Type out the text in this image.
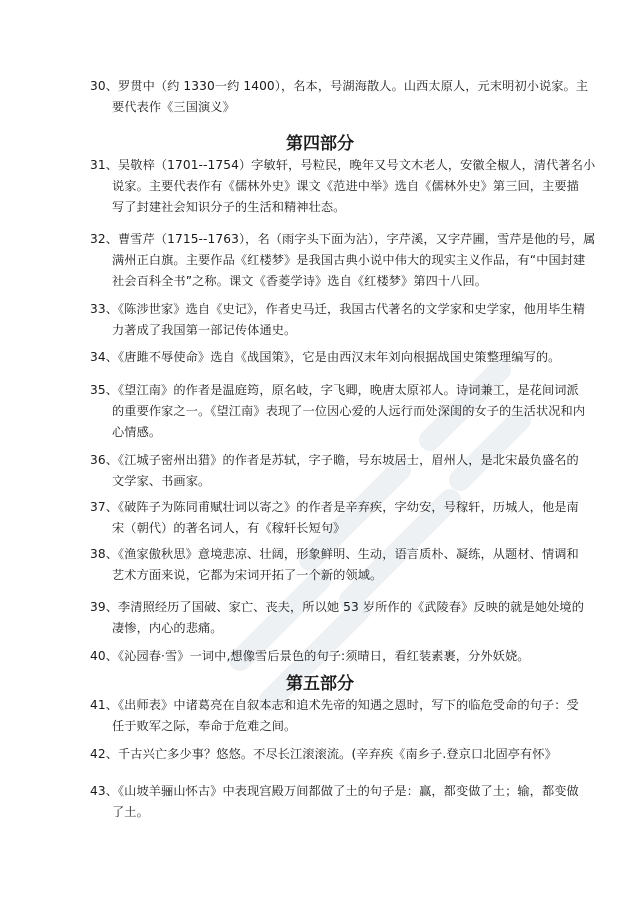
30、罗贯中（约 1330一约 1400），名本，号湖海散人。山西太原人，元末明初小说家。主
要代表作《三国演义》
第四部分
31、吴敬梓（1701--1754）字敏轩，号粒民，晚年又号文木老人，安徽全椒人，清代著名小
说家。主要代表作有《儒林外史》课文《范进中举》选自《儒林外史》第三回，主要描
写了封建社会知识分子的生活和精神壮态。
32、曹雪芹（1715--1763），名（雨字头下面为沾），字芹溪，又字芹圃，雪芹是他的号，属
满州正白旗。主要作品《红楼梦》是我国古典小说中伟大的现实主义作品，有“中国封建
社会百科全书”之称。课文《香菱学诗》选自《红楼梦》第四十八回。
33、《陈涉世家》选自《史记》，作者史马迁，我国古代著名的文学家和史学家，他用毕生精
力著成了我国第一部记传体通史。
34、《唐雎不辱使命》选自《战国策》，它是由西汉末年刘向根据战国史策整理编写的。
35、《望江南》的作者是温庭筠，原名岐，字飞卿，晚唐太原祁人。诗词兼工，是花间词派
的重要作家之一。《望江南》表现了一位因心爱的人远行而处深闺的女子的生活状况和内
心情感。
36、《江城子密州出猎》的作者是苏轼，字子瞻，号东坡居士，眉州人，是北宋最负盛名的
文学家、书画家。
37、《破阵子为陈同甫赋壮词以寄之》的作者是辛弃疾，字幼安，号稼轩，历城人，他是南
宋（朝代）的著名词人，有《稼轩长短句》
38、《渔家傲秋思》意境悲凉、壮阔，形象鲜明、生动，语言质朴、凝练，从题材、情调和
艺术方面来说，它都为宋词开拓了一个新的领域。
39、李清照经历了国破、家亡、丧夫，所以她 53 岁所作的《武陵春》反映的就是她处境的
凄惨，内心的悲痛。
40、《沁园春·雪》一词中,想像雪后景色的句子:须晴日，看红装素裹，分外妖娆。
第五部分
41、《出师表》中诸葛亮在自叙本志和追术先帝的知遇之恩时，写下的临危受命的句子：受
任于败军之际，奉命于危难之间。
42、千古兴亡多少事？悠悠。不尽长江滚滚流。(辛弃疾《南乡子.登京口北固亭有怀》
43、《山坡羊骊山怀古》中表现宫殿万间都做了土的句子是：赢，都变做了土；输，都变做
了土。
